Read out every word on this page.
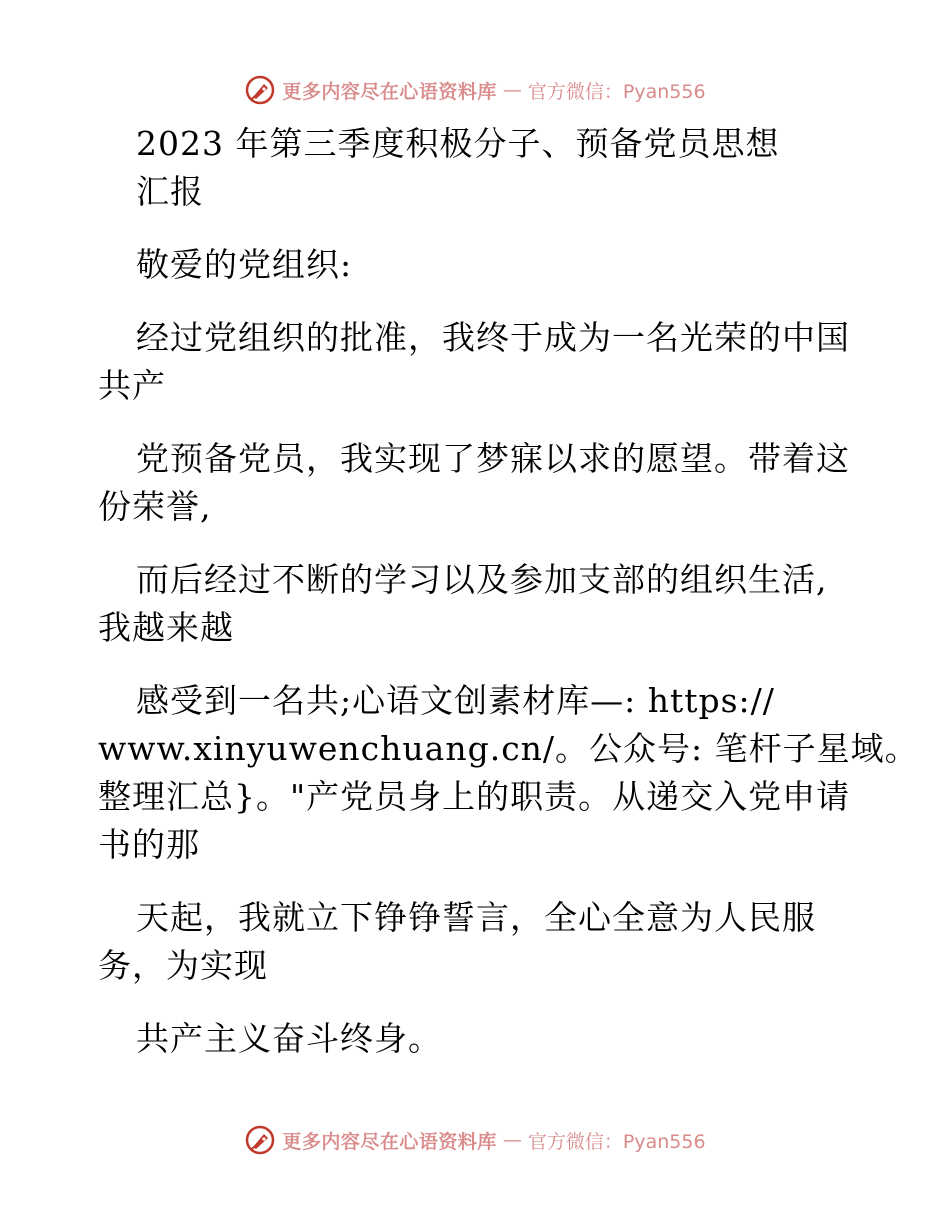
更多内容尽在心语资料库 — 官方微信：Pyan556
2023 年第三季度积极分子、预备党员思想
汇报
敬爱的党组织:
经过党组织的批准，我终于成为一名光荣的中国
共产
党预备党员，我实现了梦寐以求的愿望。带着这
份荣誉,
而后经过不断的学习以及参加支部的组织生活,
我越来越
感受到一名共;心语文创素材库—: https://
www.xinyuwenchuang.cn/。公众号: 笔杆子星域。
整理汇总}。"产党员身上的职责。从递交入党申请
书的那
天起，我就立下铮铮誓言，全心全意为人民服
务，为实现
共产主义奋斗终身。
更多内容尽在心语资料库 — 官方微信：Pyan556
